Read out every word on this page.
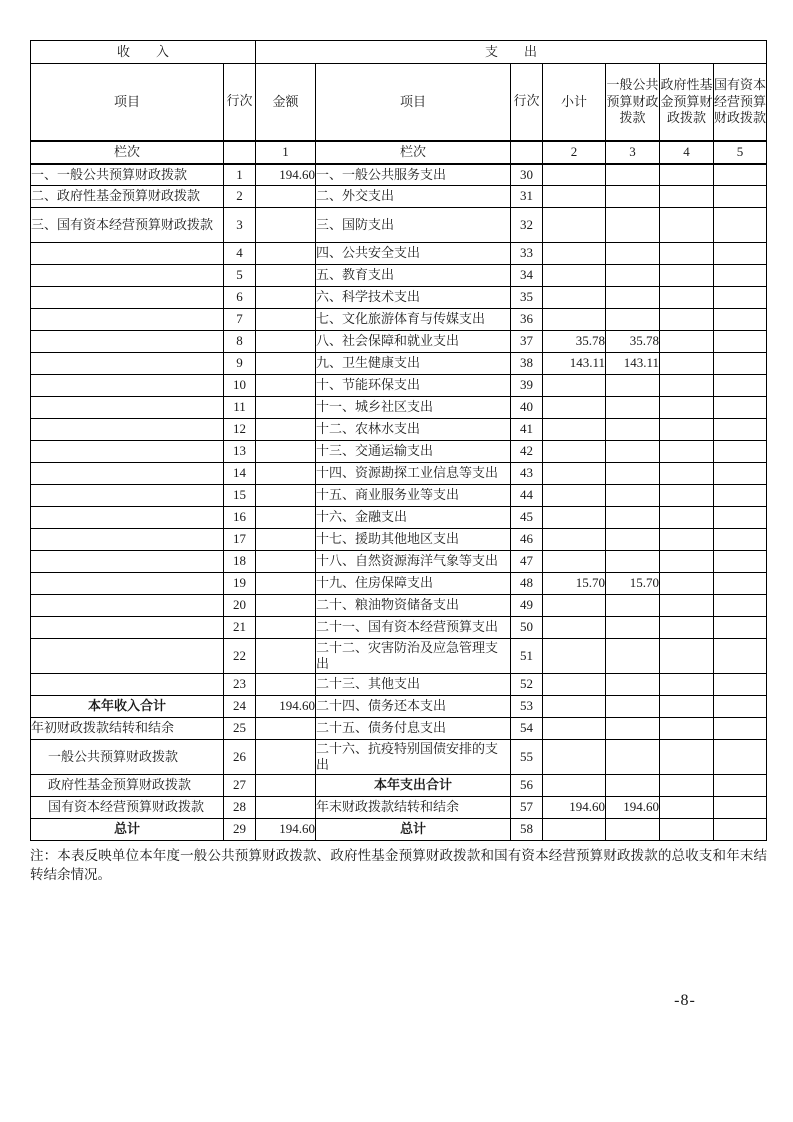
收　　入		支　　出						
项目	行次	金额	项目	行次	小计	一般公共预算财政拨款	政府性基金预算财政拨款	国有资本经营预算财政拨款
栏次		1	栏次		2	3	4	5
一、一般公共预算财政拨款	1	194.60	一、一般公共服务支出	30				
二、政府性基金预算财政拨款	2		二、外交支出	31				
三、国有资本经营预算财政拨款	3		三、国防支出	32				
	4		四、公共安全支出	33				
	5		五、教育支出	34				
	6		六、科学技术支出	35				
	7		七、文化旅游体育与传媒支出	36				
	8		八、社会保障和就业支出	37	35.78	35.78		
	9		九、卫生健康支出	38	143.11	143.11		
	10		十、节能环保支出	39				
	11		十一、城乡社区支出	40				
	12		十二、农林水支出	41				
	13		十三、交通运输支出	42				
	14		十四、资源勘探工业信息等支出	43				
	15		十五、商业服务业等支出	44				
	16		十六、金融支出	45				
	17		十七、援助其他地区支出	46				
	18		十八、自然资源海洋气象等支出	47				
	19		十九、住房保障支出	48	15.70	15.70		
	20		二十、粮油物资储备支出	49				
	21		二十一、国有资本经营预算支出	50				
	22		二十二、灾害防治及应急管理支出	51				
	23		二十三、其他支出	52				
本年收入合计	24	194.60	二十四、债务还本支出	53				
年初财政拨款结转和结余	25		二十五、债务付息支出	54				
一般公共预算财政拨款	26		二十六、抗疫特别国债安排的支出	55				
政府性基金预算财政拨款	27		本年支出合计	56				
国有资本经营预算财政拨款	28		年末财政拨款结转和结余	57	194.60	194.60		
总计	29	194.60	总计	58				
注：本表反映单位本年度一般公共预算财政拨款、政府性基金预算财政拨款和国有资本经营预算财政拨款的总收支和年末结转结余情况。
-8-
